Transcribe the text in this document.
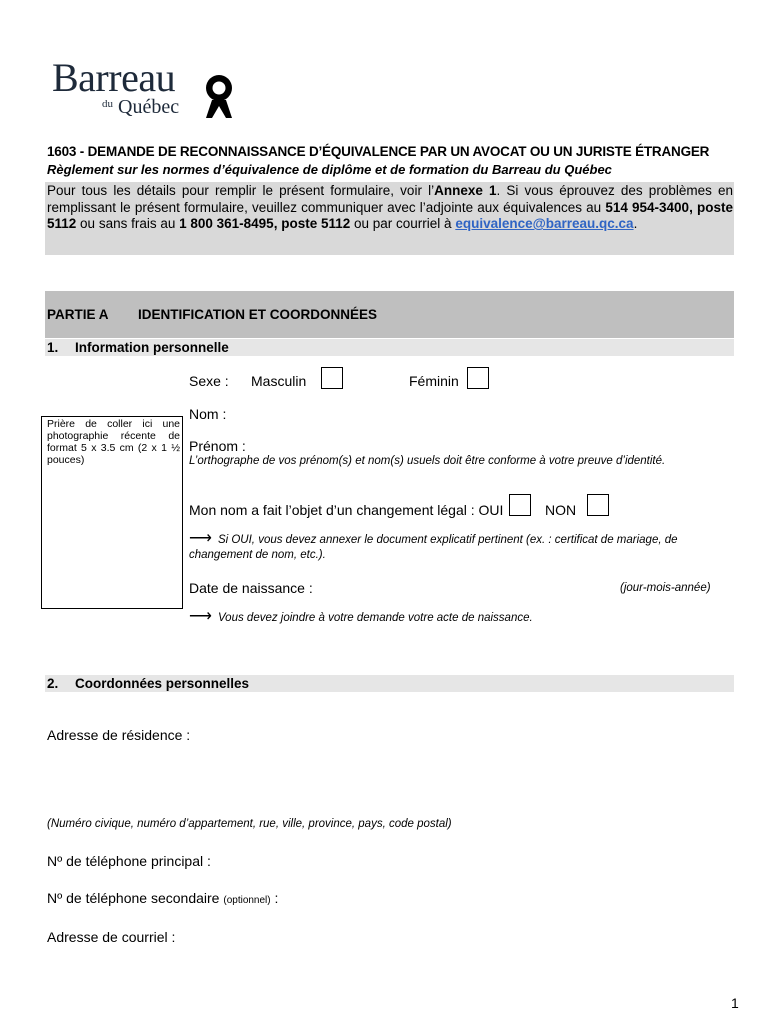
Barreau
du Québec
1603 - DEMANDE DE RECONNAISSANCE D’ÉQUIVALENCE PAR UN AVOCAT OU UN JURISTE ÉTRANGER
Règlement sur les normes d’équivalence de diplôme et de formation du Barreau du Québec
Pour tous les détails pour remplir le présent formulaire, voir l’Annexe 1. Si vous éprouvez des problèmes en remplissant le présent formulaire, veuillez communiquer avec l’adjointe aux équivalences au 514 954-3400, poste 5112 ou sans frais au 1 800 361-8495, poste 5112 ou par courriel à equivalence@barreau.qc.ca.
PARTIE A IDENTIFICATION ET COORDONNÉES
1. Information personnelle
Prière de coller ici une photographie récente de format 5 x 3.5 cm (2 x 1 ½ pouces)
Sexe : Masculin	Féminin
Nom :
Prénom :
L’orthographe de vos prénom(s) et nom(s) usuels doit être conforme à votre preuve d’identité.
Mon nom a fait l’objet d’un changement légal : OUI	NON
⟶ Si OUI, vous devez annexer le document explicatif pertinent (ex. : certificat de mariage, de
changement de nom, etc.).
Date de naissance :	(jour-mois-année)
⟶ Vous devez joindre à votre demande votre acte de naissance.
2. Coordonnées personnelles
Adresse de résidence :
(Numéro civique, numéro d’appartement, rue, ville, province, pays, code postal)
Nº de téléphone principal :
Nº de téléphone secondaire (optionnel) :
Adresse de courriel :
1
